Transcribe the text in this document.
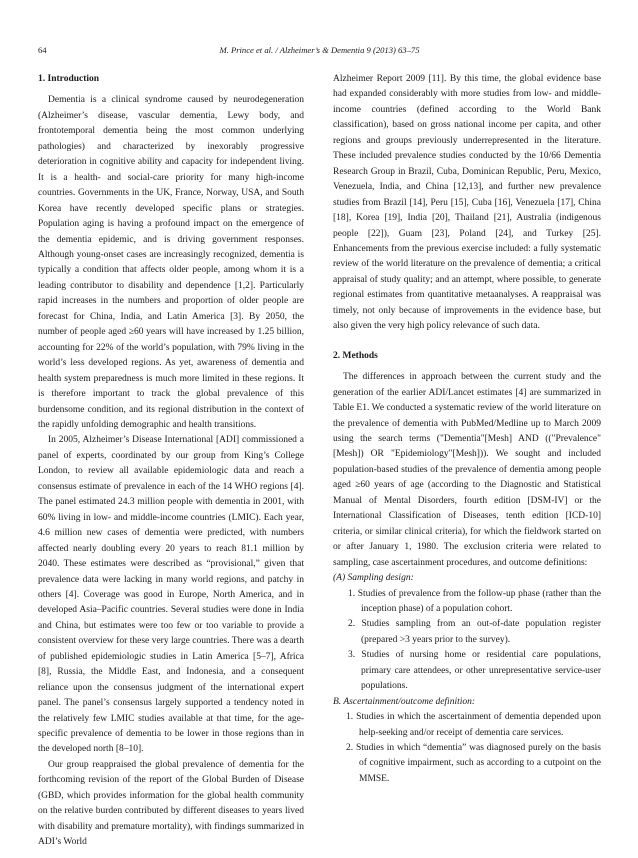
64	M. Prince et al. / Alzheimer’s & Dementia 9 (2013) 63–75
1. Introduction

Dementia is a clinical syndrome caused by neurodegeneration (Alzheimer’s disease, vascular dementia, Lewy body, and frontotemporal dementia being the most common underlying pathologies) and characterized by inexorably progressive deterioration in cognitive ability and capacity for independent living. It is a health- and social-care priority for many high-income countries. Governments in the UK, France, Norway, USA, and South Korea have recently developed specific plans or strategies. Population aging is having a profound impact on the emergence of the dementia epidemic, and is driving government responses. Although young-onset cases are increasingly recognized, dementia is typically a condition that affects older people, among whom it is a leading contributor to disability and dependence [1,2]. Particularly rapid increases in the numbers and proportion of older people are forecast for China, India, and Latin America [3]. By 2050, the number of people aged ≥60 years will have increased by 1.25 billion, accounting for 22% of the world’s population, with 79% living in the world’s less developed regions. As yet, awareness of dementia and health system preparedness is much more limited in these regions. It is therefore important to track the global prevalence of this burdensome condition, and its regional distribution in the context of the rapidly unfolding demographic and health transitions.

In 2005, Alzheimer’s Disease International [ADI] commissioned a panel of experts, coordinated by our group from King’s College London, to review all available epidemiologic data and reach a consensus estimate of prevalence in each of the 14 WHO regions [4]. The panel estimated 24.3 million people with dementia in 2001, with 60% living in low- and middle-income countries (LMIC). Each year, 4.6 million new cases of dementia were predicted, with numbers affected nearly doubling every 20 years to reach 81.1 million by 2040. These estimates were described as “provisional,” given that prevalence data were lacking in many world regions, and patchy in others [4]. Coverage was good in Europe, North America, and in developed Asia–Pacific countries. Several studies were done in India and China, but estimates were too few or too variable to provide a consistent overview for these very large countries. There was a dearth of published epidemiologic studies in Latin America [5–7], Africa [8], Russia, the Middle East, and Indonesia, and a consequent reliance upon the consensus judgment of the international expert panel. The panel’s consensus largely supported a tendency noted in the relatively few LMIC studies available at that time, for the age-specific prevalence of dementia to be lower in those regions than in the developed north [8–10].

Our group reappraised the global prevalence of dementia for the forthcoming revision of the report of the Global Burden of Disease (GBD, which provides information for the global health community on the relative burden contributed by different diseases to years lived with disability and premature mortality), with findings summarized in ADI’s World

Alzheimer Report 2009 [11]. By this time, the global evidence base had expanded considerably with more studies from low- and middle-income countries (defined according to the World Bank classification), based on gross national income per capita, and other regions and groups previously underrepresented in the literature. These included prevalence studies conducted by the 10/66 Dementia Research Group in Brazil, Cuba, Dominican Republic, Peru, Mexico, Venezuela, India, and China [12,13], and further new prevalence studies from Brazil [14], Peru [15], Cuba [16], Venezuela [17], China [18], Korea [19], India [20], Thailand [21], Australia (indigenous people [22]), Guam [23], Poland [24], and Turkey [25]. Enhancements from the previous exercise included: a fully systematic review of the world literature on the prevalence of dementia; a critical appraisal of study quality; and an attempt, where possible, to generate regional estimates from quantitative metaanalyses. A reappraisal was timely, not only because of improvements in the evidence base, but also given the very high policy relevance of such data.

2. Methods

The differences in approach between the current study and the generation of the earlier ADI/Lancet estimates [4] are summarized in Table E1. We conducted a systematic review of the world literature on the prevalence of dementia with PubMed/Medline up to March 2009 using the search terms ("Dementia"[Mesh] AND (("Prevalence"[Mesh]) OR "Epidemiology"[Mesh])). We sought and included population-based studies of the prevalence of dementia among people aged ≥60 years of age (according to the Diagnostic and Statistical Manual of Mental Disorders, fourth edition [DSM-IV] or the International Classification of Diseases, tenth edition [ICD-10] criteria, or similar clinical criteria), for which the fieldwork started on or after January 1, 1980. The exclusion criteria were related to sampling, case ascertainment procedures, and outcome definitions:

(A) Sampling design:

1. Studies of prevalence from the follow-up phase (rather than the inception phase) of a population cohort.

2. Studies sampling from an out-of-date population register (prepared >3 years prior to the survey).

3. Studies of nursing home or residential care populations, primary care attendees, or other unrepresentative service-user populations.

B. Ascertainment/outcome definition:

1. Studies in which the ascertainment of dementia depended upon help-seeking and/or receipt of dementia care services.

2. Studies in which “dementia” was diagnosed purely on the basis of cognitive impairment, such as according to a cutpoint on the MMSE.
